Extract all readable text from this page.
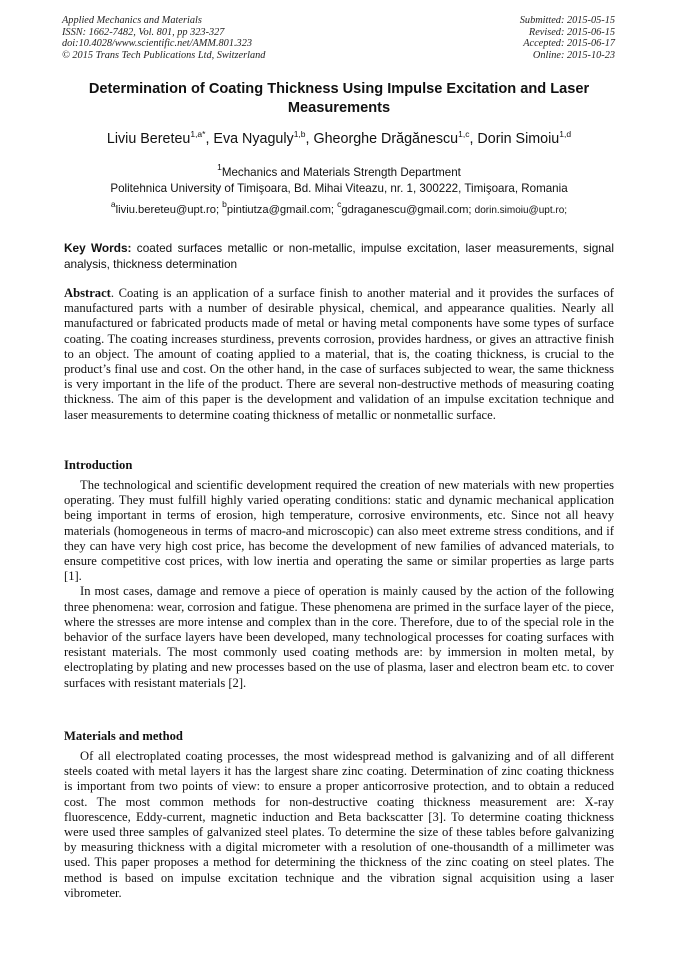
Applied Mechanics and Materials
ISSN: 1662-7482, Vol. 801, pp 323-327
doi:10.4028/www.scientific.net/AMM.801.323
© 2015 Trans Tech Publications Ltd, Switzerland
Submitted: 2015-05-15
Revised: 2015-06-15
Accepted: 2015-06-17
Online: 2015-10-23
Determination of Coating Thickness Using Impulse Excitation and Laser Measurements
Liviu Bereteu$^{1,a*}$, Eva Nyaguly$^{1,b}$, Gheorghe Drăgănescu$^{1,c}$, Dorin Simoiu$^{1,d}$
$^1$Mechanics and Materials Strength Department
Politehnica University of Timişoara, Bd. Mihai Viteazu, nr. 1, 300222, Timişoara, Romania
$^a$liviu.bereteu@upt.ro; $^b$pintiutza@gmail.com; $^c$gdraganescu@gmail.com; dorin.simoiu@upt.ro;
Key Words: coated surfaces metallic or non-metallic, impulse excitation, laser measurements, signal analysis, thickness determination
Abstract. Coating is an application of a surface finish to another material and it provides the surfaces of manufactured parts with a number of desirable physical, chemical, and appearance qualities. Nearly all manufactured or fabricated products made of metal or having metal components have some types of surface coating. The coating increases sturdiness, prevents corrosion, provides hardness, or gives an attractive finish to an object. The amount of coating applied to a material, that is, the coating thickness, is crucial to the product’s final use and cost. On the other hand, in the case of surfaces subjected to wear, the same thickness is very important in the life of the product. There are several non-destructive methods of measuring coating thickness. The aim of this paper is the development and validation of an impulse excitation technique and laser measurements to determine coating thickness of metallic or nonmetallic surface.
Introduction

The technological and scientific development required the creation of new materials with new properties operating. They must fulfill highly varied operating conditions: static and dynamic mechanical application being important in terms of erosion, high temperature, corrosive environments, etc. Since not all heavy materials (homogeneous in terms of macro-and microscopic) can also meet extreme stress conditions, and if they can have very high cost price, has become the development of new families of advanced materials, to ensure competitive cost prices, with low inertia and operating the same or similar properties as large parts [1].

In most cases, damage and remove a piece of operation is mainly caused by the action of the following three phenomena: wear, corrosion and fatigue. These phenomena are primed in the surface layer of the piece, where the stresses are more intense and complex than in the core. Therefore, due to of the special role in the behavior of the surface layers have been developed, many technological processes for coating surfaces with resistant materials. The most commonly used coating methods are: by immersion in molten metal, by electroplating by plating and new processes based on the use of plasma, laser and electron beam etc. to cover surfaces with resistant materials [2].

Materials and method

Of all electroplated coating processes, the most widespread method is galvanizing and of all different steels coated with metal layers it has the largest share zinc coating. Determination of zinc coating thickness is important from two points of view: to ensure a proper anticorrosive protection, and to obtain a reduced cost. The most common methods for non-destructive coating thickness measurement are: X-ray fluorescence, Eddy-current, magnetic induction and Beta backscatter [3]. To determine coating thickness were used three samples of galvanized steel plates. To determine the size of these tables before galvanizing by measuring thickness with a digital micrometer with a resolution of one-thousandth of a millimeter was used. This paper proposes a method for determining the thickness of the zinc coating on steel plates. The method is based on impulse excitation technique and the vibration signal acquisition using a laser vibrometer.
